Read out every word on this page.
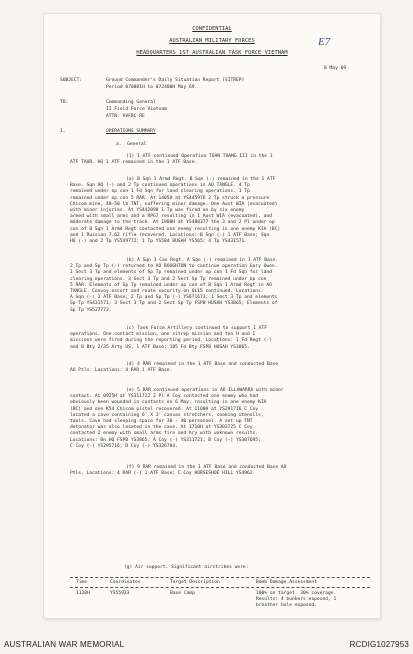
CONFIDENTIAL
AUSTRALIAN MILITARY FORCES
HEADQUARTERS 1ST AUSTRALIAN TASK FORCE VIETNAM
E7
8 May 69
SUBJECT:	Ground Commander's Daily Situation Report (SITREP)
Period 070001H to 072400H May 69.
TO:	Commanding General
II Field Force Vietnam
ATTN: AVFBC-RE
1.	OPERATIONS SUMMARY
a.  General
(g) Air support. Significant airstrikes were:
Time	Coordinates	Target Description	Bomb Damage Assessment
1120H	YS55923	Base Camp	100% on target, 30% coverage.
Results: 4 bunkers exposed, 1
breather hole exposed.
(1) 1 ATF continued Operation TOAN THANG III in the 1
ATF TAOR. HQ 1 ATF remained in the 1 ATF Base.
(a) B Sqn 1 Armd Regt. B Sqn (-) remained in the 1 ATF
Base. Sqn HQ (-) and 2 Tp continued operations in AO TANGLE. 4 Tp
remained under op con 1 Fd Sqn for land clearing operations. 1 Tp
remained under op con 5 RAR. At 1405H at YS445976 2 Tp struck a pressure
Chicom mine, 40-50 lb TNT, suffering minor damage. One Aust WIA (evacuated)
with minor injuries. At YS442098 1 Tp was fired on by six enemy
armed with small arms and a RPG7 resulting in 1 Aust WIA (evacuated), and
moderate damage to the track. At 1900H at YS488377 the 3 and 2 Pl under op
con of B Sqn 1 Armd Regt contacted one enemy resulting in one enemy KIA (BC)
and 1 Russian 7.62 rifle recovered. Locations: B Sqn (-) 1 ATF Base; Sqn
HQ (-) and 2 Tp YS549772; 1 Tp YS584 BUSAH YS565; 4 Tp YS431571.
(b) A Sqn 3 Cav Regt. A Sqn (-) remained in 1 ATF Base.
2 Tp and Sp Tp (-) returned to AO ROUGHTON to continue operation Gary Owen.
1 Sect 3 Tp and elements of Sp Tp remained under op con 1 Fd Sqn for land
clearing operations. 3 Sect 3 Tp and 2 Sect Sp Tp remained under op con
5 RAR. Elements of Sp Tp remained under op con of B Sqn 1 Armd Regt in AO
TANGLE. Convoy escort and route security on QL15 continued. Locations:
A Sqn (-) 1 ATF Base; 2 Tp and Sp Tp (-) YS671673; 1 Sect 3 Tp and elements
Sp Tp YS431571; 3 Sect 3 Tp and 2 Sect Sp Tp FSPB HUSAH YS3865; Elements of
Sp Tp YS527773.
(c) Task Force Artillery continued to support 1 ATF
operations. One contact mission, one sitrep mission and ten H and I
missions were fired during the reporting period. Locations: 1 Fd Regt (-)
and B Bty 2/35 Arty US, 1 ATF Base; 105 Fd Bty FSPB HUSAH YS3865.
(d) 4 RAR remained in the 1 ATF Base and conducted Base
AO Ptls. Locations: 4 RAR 1 ATF Base.
(e) 5 RAR continued operations in AO ILLAWARRA with minor
contact. At 0925H at YS311722 2 Pl A Coy contacted one enemy who had
obviously been wounded in contacts on 6 May, resulting in one enemy KIA
(BC) and one K54 Chicom pistol recovered. At 1100H at YS291716 C Coy
located a cave containing 6' X 3' canvas stretchers, cooking utensils,
tools. Cave had sleeping space for 30 - 40 personnel. A set up TNT
detonator was also located in the cave. At 1710H at YS303725 C Coy
contacted 2 enemy with small arms fire and hry with unknown results.
Locations: Bn HQ FSPB YS3865; A Coy (-) YS311721; B Coy (-) YS307695;
C Coy (-) YS295716; D Coy (-) YS326704.
(f) 9 RAR remained in the 1 ATF Base and conducted Base AO
Ptls. Locations: 4 RAR (-) 1 ATF Base; C Coy HORSESHOE HILL YS4962.
AUSTRALIAN WAR MEMORIAL	RCDIG1027953
